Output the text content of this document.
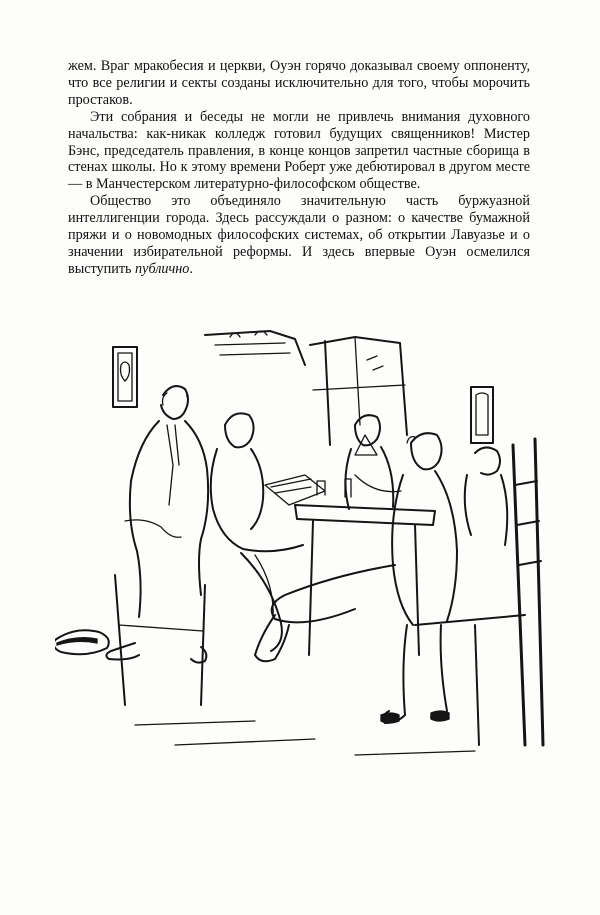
жем. Враг мракобесия и церкви, Оуэн горячо доказывал своему оппоненту, что все религии и секты созданы исключительно для того, чтобы морочить простаков.

Эти собрания и беседы не могли не привлечь внимания духовного начальства: как-никак колледж готовил будущих священников! Мистер Бэнс, председатель правления, в конце концов запретил частные сборища в стенах школы. Но к этому времени Роберт уже дебютировал в другом месте — в Манчестерском литературно-философском обществе.

Общество это объединяло значительную часть буржуазной интеллигенции города. Здесь рассуждали о разном: о качестве бумажной пряжи и о новомодных философских системах, об открытии Лавуазье и о значении избирательной реформы. И здесь впервые Оуэн осмелился выступить публично.
